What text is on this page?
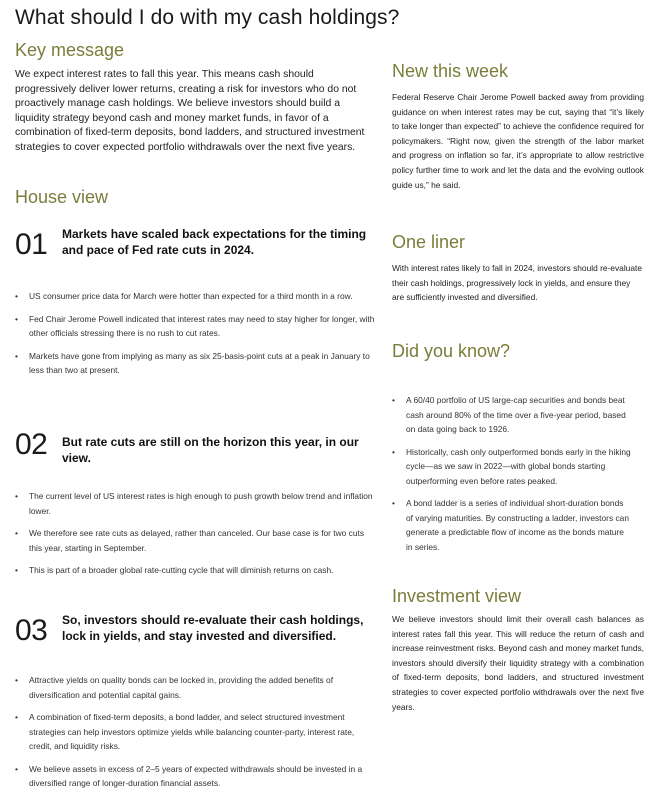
What should I do with my cash holdings?
Key message
We expect interest rates to fall this year. This means cash should progressively deliver lower returns, creating a risk for investors who do not proactively manage cash holdings. We believe investors should build a liquidity strategy beyond cash and money market funds, in favor of a combination of fixed-term deposits, bond ladders, and structured investment strategies to cover expected portfolio withdrawals over the next five years.
House view
01 Markets have scaled back expectations for the timing and pace of Fed rate cuts in 2024.
• US consumer price data for March were hotter than expected for a third month in a row.
• Fed Chair Jerome Powell indicated that interest rates may need to stay higher for longer, with other officials stressing there is no rush to cut rates.
• Markets have gone from implying as many as six 25-basis-point cuts at a peak in January to less than two at present.
02 But rate cuts are still on the horizon this year, in our view.
• The current level of US interest rates is high enough to push growth below trend and inflation lower.
• We therefore see rate cuts as delayed, rather than canceled. Our base case is for two cuts this year, starting in September.
• This is part of a broader global rate-cutting cycle that will diminish returns on cash.
03 So, investors should re-evaluate their cash holdings, lock in yields, and stay invested and diversified.
• Attractive yields on quality bonds can be locked in, providing the added benefits of diversification and potential capital gains.
• A combination of fixed-term deposits, a bond ladder, and select structured investment strategies can help investors optimize yields while balancing counter-party, interest rate, credit, and liquidity risks.
• We believe assets in excess of 2–5 years of expected withdrawals should be invested in a diversified range of longer-duration financial assets.
New this week
Federal Reserve Chair Jerome Powell backed away from providing guidance on when interest rates may be cut, saying that “it’s likely to take longer than expected” to achieve the confidence required for policymakers. “Right now, given the strength of the labor market and progress on inflation so far, it’s appropriate to allow restrictive policy further time to work and let the data and the evolving outlook guide us,” he said.
One liner
With interest rates likely to fall in 2024, investors should re-evaluate their cash holdings, progressively lock in yields, and ensure they are sufficiently invested and diversified.
Did you know?
• A 60/40 portfolio of US large-cap securities and bonds beat cash around 80% of the time over a five-year period, based on data going back to 1926.
• Historically, cash only outperformed bonds early in the hiking cycle—as we saw in 2022—with global bonds starting outperforming even before rates peaked.
• A bond ladder is a series of individual short-duration bonds of varying maturities. By constructing a ladder, investors can generate a predictable flow of income as the bonds mature in series.
Investment view
We believe investors should limit their overall cash balances as interest rates fall this year. This will reduce the return of cash and increase reinvestment risks. Beyond cash and money market funds, investors should diversify their liquidity strategy with a combination of fixed-term deposits, bond ladders, and structured investment strategies to cover expected portfolio withdrawals over the next five years.
